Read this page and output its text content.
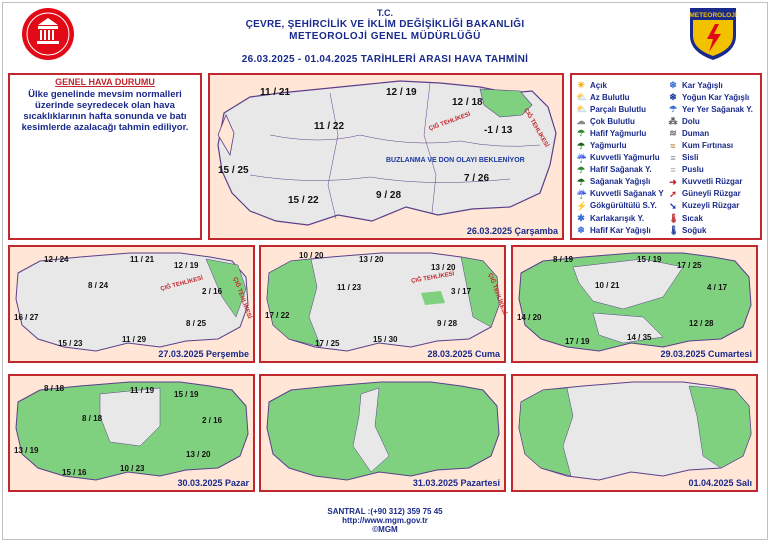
METEOROLOJİ
T.C.
ÇEVRE, ŞEHİRCİLİK VE İKLİM DEĞİŞİKLİĞİ BAKANLIĞI
METEOROLOJİ GENEL MÜDÜRLÜĞÜ
26.03.2025 - 01.04.2025 TARİHLERİ ARASI HAVA TAHMİNİ
GENEL HAVA DURUMU
Ülke genelinde mevsim normalleri üzerinde seyredecek olan hava sıcaklıklarının hafta sonunda ve batı kesimlerde azalacağı tahmin ediliyor.
11 / 21	12 / 19
12 / 18
11 / 22
15 / 25
-1 / 13
9 / 28
7 / 26
15 / 22
ÇIĞ TEHLİKESİ	ÇIĞ TEHLİKESİ
BUZLANMA VE DON OLAYI BEKLENİYOR
26.03.2025 Çarşamba
☀ Açık	❄ Kar Yağışlı
⛅ Az Bulutlu	❄ Yoğun Kar Yağışlı
⛅ Parçalı Bulutlu	☂ Yer Yer Sağanak Y.
☁ Çok Bulutlu	⁂ Dolu
☂ Hafif Yağmurlu	≋ Duman
☂ Yağmurlu	≈ Kum Fırtınası
☔ Kuvvetli Yağmurlu ≡ Sisli
☂ Hafif Sağanak Y. ≡ Puslu
☂ Sağanak Yağışlı ➜ Kuvvetli Rüzgar
☔ Kuvvetli Sağanak Y ➚ Güneyli Rüzgar
⚡ Gökgürültülü S.Y. ➘ Kuzeyli Rüzgar
✱ Karlakarışık Y.	🌡 Sıcak
❄ Hafif Kar Yağışlı 🌡 Soğuk
12 / 24	11 / 21
12 / 19
8 / 24
2 / 16
16 / 27
8 / 25
15 / 23	11 / 29
ÇIĞ TEHLİKESİ	ÇIĞ TEHLİKESİ
27.03.2025 Perşembe
10 / 20	13 / 20
13 / 20
11 / 23	3 / 17
17 / 22
9 / 28
17 / 25	15 / 30
ÇIĞ TEHLİKESİ	ÇIĞ TEHLİKESİ
28.03.2025 Cuma
8 / 19	15 / 19
17 / 25
10 / 21	4 / 17
14 / 20
12 / 28
17 / 19	14 / 35
29.03.2025 Cumartesi
8 / 18	11 / 19 15 / 19
8 / 18	2 / 16
13 / 19	13 / 20
15 / 16	10 / 23
30.03.2025 Pazar	31.03.2025 Pazartesi	01.04.2025 Salı
SANTRAL :(+90 312) 359 75 45
http://www.mgm.gov.tr
©MGM
